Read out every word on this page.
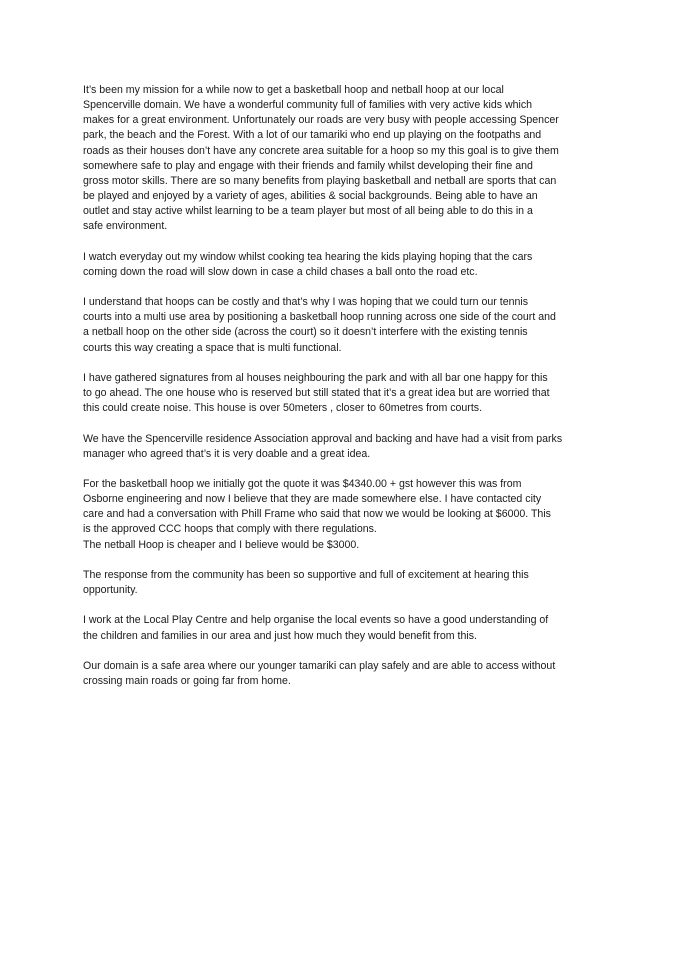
It’s been my mission for a while now to get a basketball hoop and netball hoop at our local
Spencerville domain. We have a wonderful community full of families with very active kids which
makes for a great environment. Unfortunately our roads are very busy with people accessing Spencer
park, the beach and the Forest. With a lot of our tamariki who end up playing on the footpaths and
roads as their houses don’t have any concrete area suitable for a hoop so my this goal is to give them
somewhere safe to play and engage with their friends and family whilst developing their fine and
gross motor skills. There are so many benefits from playing basketball and netball are sports that can
be played and enjoyed by a variety of ages, abilities & social backgrounds. Being able to have an
outlet and stay active whilst learning to be a team player but most of all being able to do this in a
safe environment.

I watch everyday out my window whilst cooking tea hearing the kids playing hoping that the cars
coming down the road will slow down in case a child chases a ball onto the road etc.

I understand that hoops can be costly and that’s why I was hoping that we could turn our tennis
courts into a multi use area by positioning a basketball hoop running across one side of the court and
a netball hoop on the other side (across the court) so it doesn’t interfere with the existing tennis
courts this way creating a space that is multi functional.

I have gathered signatures from al houses neighbouring the park and with all bar one happy for this
to go ahead. The one house who is reserved but still stated that it’s a great idea but are worried that
this could create noise. This house is over 50meters , closer to 60metres from courts.

We have the Spencerville residence Association approval and backing and have had a visit from parks
manager who agreed that’s it is very doable and a great idea.

For the basketball hoop we initially got the quote it was $4340.00 + gst however this was from
Osborne engineering and now I believe that they are made somewhere else. I have contacted city
care and had a conversation with Phill Frame who said that now we would be looking at $6000. This
is the approved CCC hoops that comply with there regulations.
The netball Hoop is cheaper and I believe would be $3000.

The response from the community has been so supportive and full of excitement at hearing this
opportunity.

I work at the Local Play Centre and help organise the local events so have a good understanding of
the children and families in our area and just how much they would benefit from this.

Our domain is a safe area where our younger tamariki can play safely and are able to access without
crossing main roads or going far from home.
